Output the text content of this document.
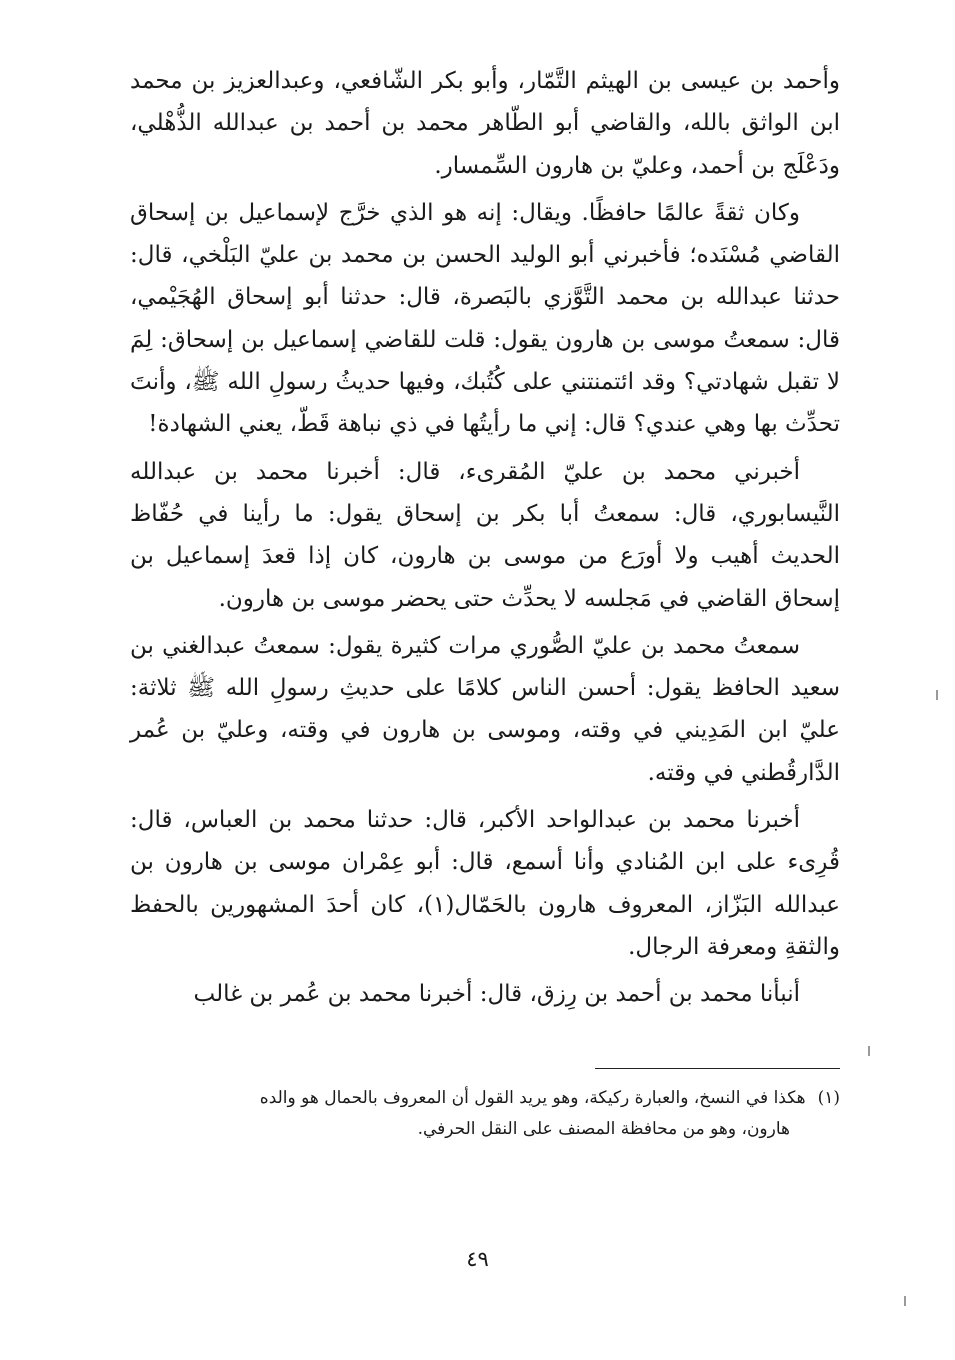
وأحمد بن عيسى بن الهيثم التَّمّار، وأبو بكر الشّافعي، وعبدالعزيز بن محمد ابن الواثق بالله، والقاضي أبو الطّاهر محمد بن أحمد بن عبدالله الذُّهْلي، ودَعْلَج بن أحمد، وعليّ بن هارون السِّمسار.

وكان ثقةً عالمًا حافظًا. ويقال: إنه هو الذي خرَّج لإسماعيل بن إسحاق القاضي مُسْنَده؛ فأخبرني أبو الوليد الحسن بن محمد بن عليّ البَلْخي، قال: حدثنا عبدالله بن محمد التَّوَّزي بالبَصرة، قال: حدثنا أبو إسحاق الهُجَيْمي، قال: سمعتُ موسى بن هارون يقول: قلت للقاضي إسماعيل بن إسحاق: لِمَ لا تقبل شهادتي؟ وقد ائتمنتني على كُتُبك، وفيها حديثُ رسولِ الله ﷺ، وأنتَ تحدِّث بها وهي عندي؟ قال: إني ما رأيتُها في ذي نباهة قَطّ، يعني الشهادة!

أخبرني محمد بن عليّ المُقرىء، قال: أخبرنا محمد بن عبدالله النَّيسابوري، قال: سمعتُ أبا بكر بن إسحاق يقول: ما رأينا في حُفّاظ الحديث أهيب ولا أورَع من موسى بن هارون، كان إذا قعدَ إسماعيل بن إسحاق القاضي في مَجلسه لا يحدِّث حتى يحضر موسى بن هارون.

سمعتُ محمد بن عليّ الصُّوري مرات كثيرة يقول: سمعتُ عبدالغني بن سعيد الحافظ يقول: أحسن الناس كلامًا على حديثِ رسولِ الله ﷺ ثلاثة: عليّ ابن المَدِيني في وقته، وموسى بن هارون في وقته، وعليّ بن عُمر الدَّارقُطني في وقته.

أخبرنا محمد بن عبدالواحد الأكبر، قال: حدثنا محمد بن العباس، قال: قُرِىء على ابن المُنادي وأنا أسمع، قال: أبو عِمْران موسى بن هارون بن عبدالله البَزّاز، المعروف هارون بالحَمّال(١)، كان أحدَ المشهورين بالحفظ والثقةِ ومعرفة الرجال.

أنبأنا محمد بن أحمد بن رِزق، قال: أخبرنا محمد بن عُمر بن غالب

(١)هكذا في النسخ، والعبارة ركيكة، وهو يريد القول أن المعروف بالحمال هو والده
هارون، وهو من محافظة المصنف على النقل الحرفي.
٤٩
